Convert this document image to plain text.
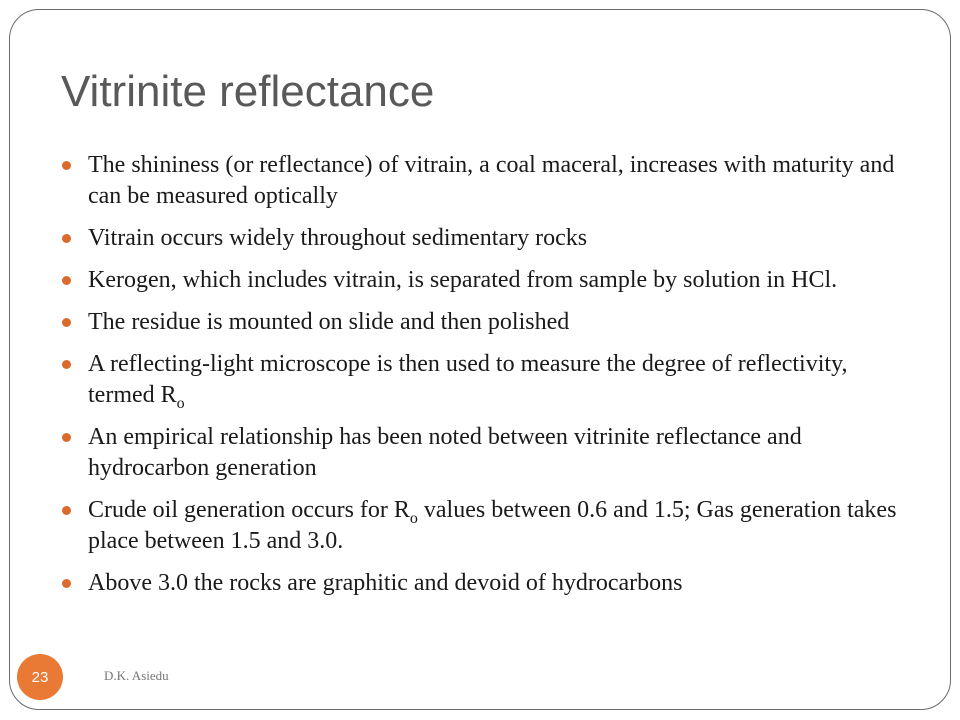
Vitrinite reflectance
The shininess (or reflectance) of vitrain, a coal maceral, increases with maturity and can be measured optically
Vitrain occurs widely throughout sedimentary rocks
Kerogen, which includes vitrain, is separated from sample by solution in HCl.
The residue is mounted on slide and then polished
A reflecting-light microscope is then used to measure the degree of reflectivity, termed $R_o$
An empirical relationship has been noted between vitrinite reflectance and hydrocarbon generation
Crude oil generation occurs for $R_o$ values between 0.6 and 1.5; Gas generation takes place between 1.5 and 3.0.
Above 3.0 the rocks are graphitic and devoid of hydrocarbons
23	D.K. Asiedu
